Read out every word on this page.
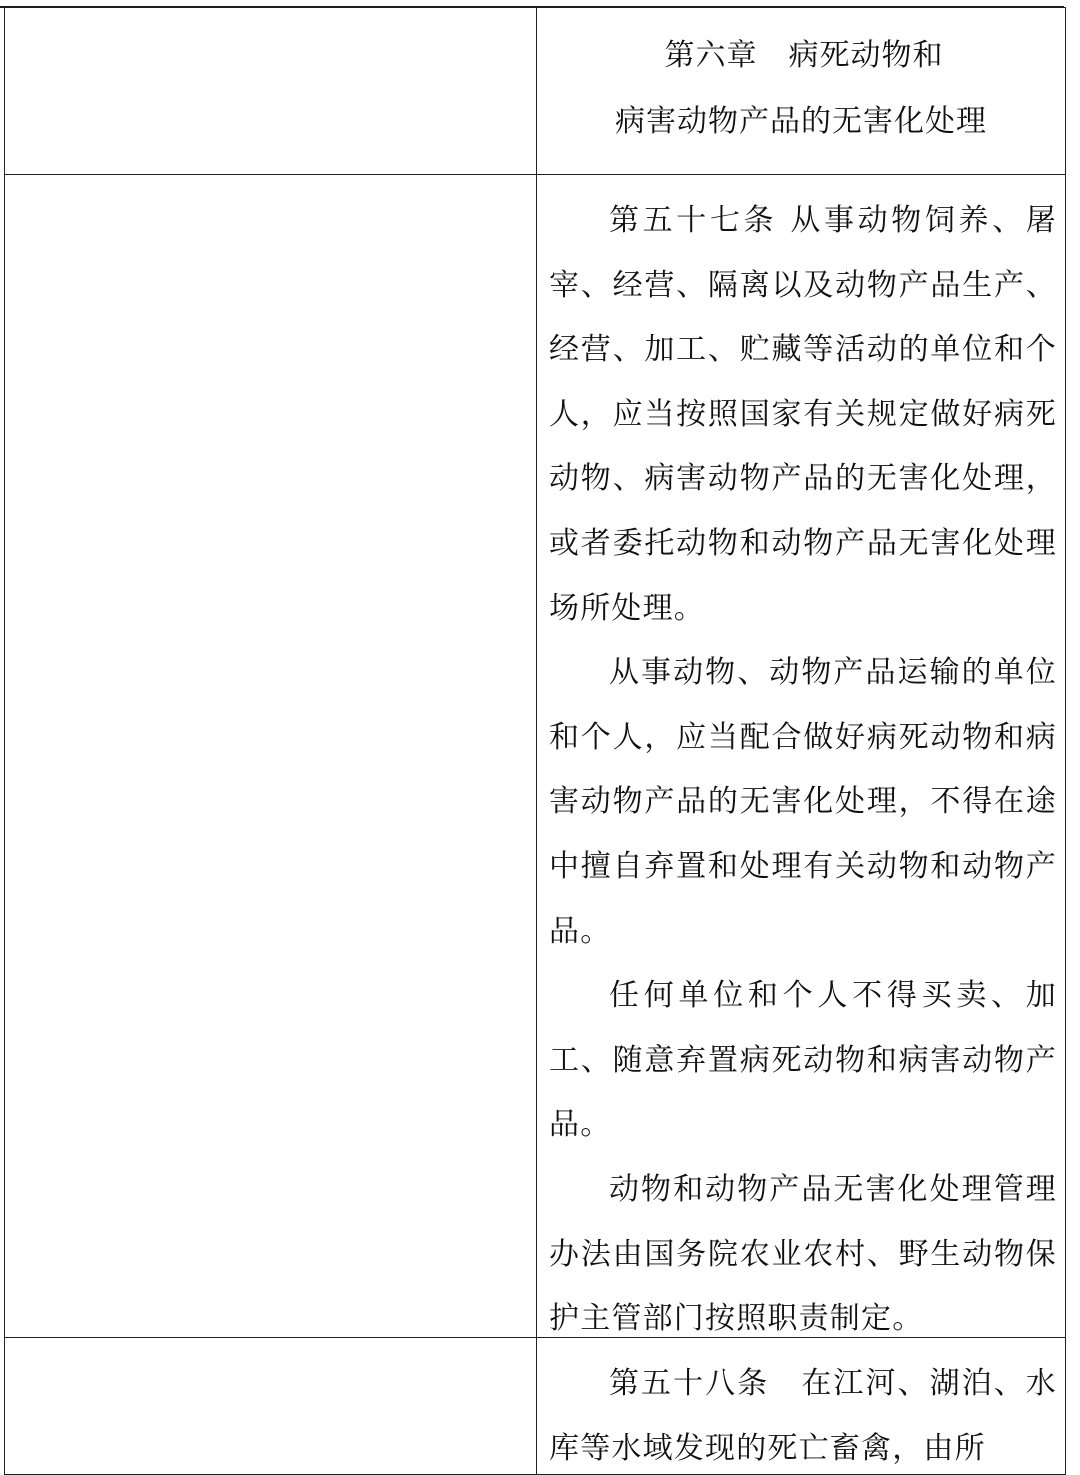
	第六章　病死动物和
病害动物产品的无害化处理

	第五十七条 从事动物饲养、屠宰、经营、隔离以及动物产品生产、经营、加工、贮藏等活动的单位和个人，应当按照国家有关规定做好病死动物、病害动物产品的无害化处理，或者委托动物和动物产品无害化处理场所处理。

从事动物、动物产品运输的单位和个人，应当配合做好病死动物和病害动物产品的无害化处理，不得在途中擅自弃置和处理有关动物和动物产品。

任何单位和个人不得买卖、加工、随意弃置病死动物和病害动物产品。

动物和动物产品无害化处理管理办法由国务院农业农村、野生动物保护主管部门按照职责制定。

	第五十八条　在江河、湖泊、水库等水域发现的死亡畜禽，由所
